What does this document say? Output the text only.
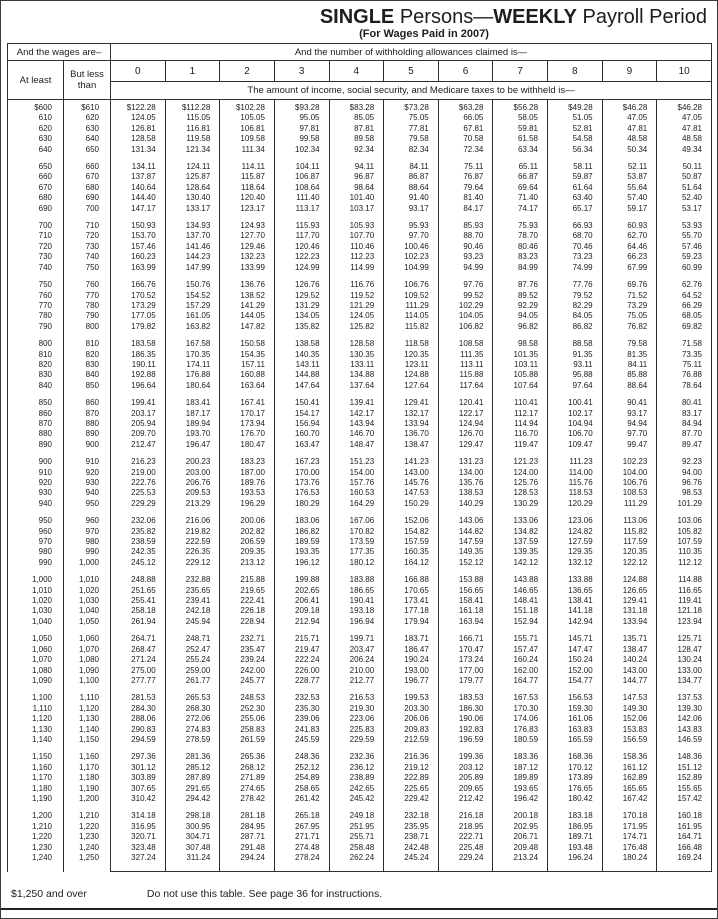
SINGLE Persons—WEEKLY Payroll Period
(For Wages Paid in 2007)
And the wages are–		And the number of withholding allowances claimed is—										
At least	But less than	0	1	2	3	4	5	6	7	8	9	10
		The amount of income, social security, and Medicare taxes to be withheld is—										
$600	$610	$122.28	$112.28	$102.28	$93.28	$83.28	$73.28	$63.28	$56.28	$49.28	$46.28	$46.28
610	620	124.05	115.05	105.05	95.05	85.05	75.05	66.05	58.05	51.05	47.05	47.05
620	630	126.81	116.81	106.81	97.81	87.81	77.81	67.81	59.81	52.81	47.81	47.81
630	640	128.58	119.58	109.58	99.58	89.58	79.58	70.58	61.58	54.58	48.58	48.58
640	650	131.34	121.34	111.34	102.34	92.34	82.34	72.34	63.34	56.34	50.34	49.34
650	660	134.11	124.11	114.11	104.11	94.11	84.11	75.11	65.11	58.11	52.11	50.11
660	670	137.87	125.87	115.87	106.87	96.87	86.87	76.87	66.87	59.87	53.87	50.87
670	680	140.64	128.64	118.64	108.64	98.64	88.64	79.64	69.64	61.64	55.64	51.64
680	690	144.40	130.40	120.40	111.40	101.40	91.40	81.40	71.40	63.40	57.40	52.40
690	700	147.17	133.17	123.17	113.17	103.17	93.17	84.17	74.17	65.17	59.17	53.17
700	710	150.93	134.93	124.93	115.93	105.93	95.93	85.93	75.93	66.93	60.93	53.93
710	720	153.70	137.70	127.70	117.70	107.70	97.70	88.70	78.70	68.70	62.70	55.70
720	730	157.46	141.46	129.46	120.46	110.46	100.46	90.46	80.46	70.46	64.46	57.46
730	740	160.23	144.23	132.23	122.23	112.23	102.23	93.23	83.23	73.23	66.23	59.23
740	750	163.99	147.99	133.99	124.99	114.99	104.99	94.99	84.99	74.99	67.99	60.99
750	760	166.76	150.76	136.76	126.76	116.76	106.76	97.76	87.76	77.76	69.76	62.76
760	770	170.52	154.52	138.52	129.52	119.52	109.52	99.52	89.52	79.52	71.52	64.52
770	780	173.29	157.29	141.29	131.29	121.29	111.29	102.29	92.29	82.29	73.29	66.29
780	790	177.05	161.05	144.05	134.05	124.05	114.05	104.05	94.05	84.05	75.05	68.05
790	800	179.82	163.82	147.82	135.82	125.82	115.82	106.82	96.82	86.82	76.82	69.82
800	810	183.58	167.58	150.58	138.58	128.58	118.58	108.58	98.58	88.58	79.58	71.58
810	820	186.35	170.35	154.35	140.35	130.35	120.35	111.35	101.35	91.35	81.35	73.35
820	830	190.11	174.11	157.11	143.11	133.11	123.11	113.11	103.11	93.11	84.11	75.11
830	840	192.88	176.88	160.88	144.88	134.88	124.88	115.88	105.88	95.88	85.88	76.88
840	850	196.64	180.64	163.64	147.64	137.64	127.64	117.64	107.64	97.64	88.64	78.64
850	860	199.41	183.41	167.41	150.41	139.41	129.41	120.41	110.41	100.41	90.41	80.41
860	870	203.17	187.17	170.17	154.17	142.17	132.17	122.17	112.17	102.17	93.17	83.17
870	880	205.94	189.94	173.94	156.94	143.94	133.94	124.94	114.94	104.94	94.94	84.94
880	890	209.70	193.70	176.70	160.70	146.70	136.70	126.70	116.70	106.70	97.70	87.70
890	900	212.47	196.47	180.47	163.47	148.47	138.47	129.47	119.47	109.47	99.47	89.47
900	910	216.23	200.23	183.23	167.23	151.23	141.23	131.23	121.23	111.23	102.23	92.23
910	920	219.00	203.00	187.00	170.00	154.00	143.00	134.00	124.00	114.00	104.00	94.00
920	930	222.76	206.76	189.76	173.76	157.76	145.76	135.76	125.76	115.76	106.76	96.76
930	940	225.53	209.53	193.53	176.53	160.53	147.53	138.53	128.53	118.53	108.53	98.53
940	950	229.29	213.29	196.29	180.29	164.29	150.29	140.29	130.29	120.29	111.29	101.29
950	960	232.06	216.06	200.06	183.06	167.06	152.06	143.06	133.06	123.06	113.06	103.06
960	970	235.82	219.82	202.82	186.82	170.82	154.82	144.82	134.82	124.82	115.82	105.82
970	980	238.59	222.59	206.59	189.59	173.59	157.59	147.59	137.59	127.59	117.59	107.59
980	990	242.35	226.35	209.35	193.35	177.35	160.35	149.35	139.35	129.35	120.35	110.35
990	1,000	245.12	229.12	213.12	196.12	180.12	164.12	152.12	142.12	132.12	122.12	112.12
1,000	1,010	248.88	232.88	215.88	199.88	183.88	166.88	153.88	143.88	133.88	124.88	114.88
1,010	1,020	251.65	235.65	219.65	202.65	186.65	170.65	156.65	146.65	136.65	126.65	116.65
1,020	1,030	255.41	239.41	222.41	206.41	190.41	173.41	158.41	148.41	138.41	129.41	119.41
1,030	1,040	258.18	242.18	226.18	209.18	193.18	177.18	161.18	151.18	141.18	131.18	121.18
1,040	1,050	261.94	245.94	228.94	212.94	196.94	179.94	163.94	152.94	142.94	133.94	123.94
1,050	1,060	264.71	248.71	232.71	215.71	199.71	183.71	166.71	155.71	145.71	135.71	125.71
1,060	1,070	268.47	252.47	235.47	219.47	203.47	186.47	170.47	157.47	147.47	138.47	128.47
1,070	1,080	271.24	255.24	239.24	222.24	206.24	190.24	173.24	160.24	150.24	140.24	130.24
1,080	1,090	275.00	259.00	242.00	226.00	210.00	193.00	177.00	162.00	152.00	143.00	133.00
1,090	1,100	277.77	261.77	245.77	228.77	212.77	196.77	179.77	164.77	154.77	144.77	134.77
1,100	1,110	281.53	265.53	248.53	232.53	216.53	199.53	183.53	167.53	156.53	147.53	137.53
1,110	1,120	284.30	268.30	252.30	235.30	219.30	203.30	186.30	170.30	159.30	149.30	139.30
1,120	1,130	288.06	272.06	255.06	239.06	223.06	206.06	190.06	174.06	161.06	152.06	142.06
1,130	1,140	290.83	274.83	258.83	241.83	225.83	209.83	192.83	176.83	163.83	153.83	143.83
1,140	1,150	294.59	278.59	261.59	245.59	229.59	212.59	196.59	180.59	165.59	156.59	146.59
1,150	1,160	297.36	281.36	265.36	248.36	232.36	216.36	199.36	183.36	168.36	158.36	148.36
1,160	1,170	301.12	285.12	268.12	252.12	236.12	219.12	203.12	187.12	170.12	161.12	151.12
1,170	1,180	303.89	287.89	271.89	254.89	238.89	222.89	205.89	189.89	173.89	162.89	152.89
1,180	1,190	307.65	291.65	274.65	258.65	242.65	225.65	209.65	193.65	176.65	165.65	155.65
1,190	1,200	310.42	294.42	278.42	261.42	245.42	229.42	212.42	196.42	180.42	167.42	157.42
1,200	1,210	314.18	298.18	281.18	265.18	249.18	232.18	216.18	200.18	183.18	170.18	160.18
1,210	1,220	316.95	300.95	284.95	267.95	251.95	235.95	218.95	202.95	186.95	171.95	161.95
1,220	1,230	320.71	304.71	287.71	271.71	255.71	238.71	222.71	206.71	189.71	174.71	164.71
1,230	1,240	323.48	307.48	291.48	274.48	258.48	242.48	225.48	209.48	193.48	176.48	166.48
1,240	1,250	327.24	311.24	294.24	278.24	262.24	245.24	229.24	213.24	196.24	180.24	169.24
$1,250 and over	Do not use this table. See page 36 for instructions.
